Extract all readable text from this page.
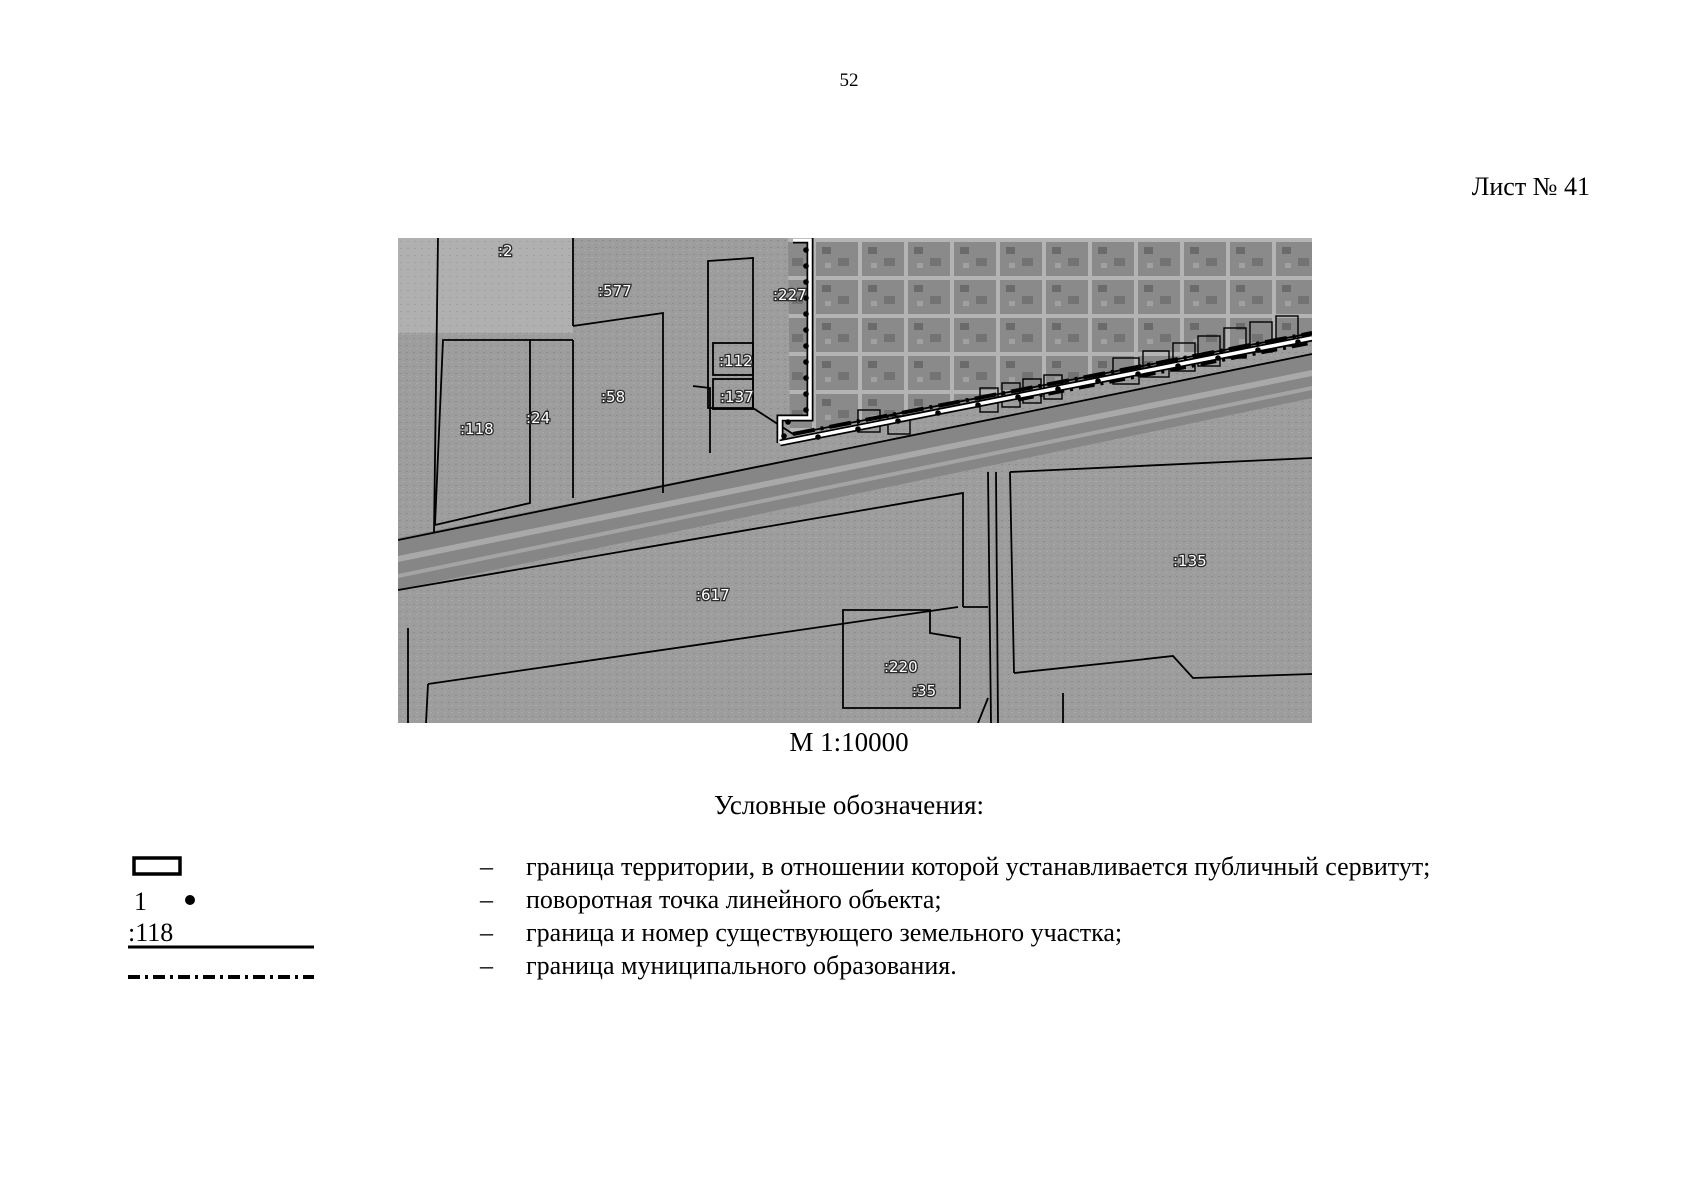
52
Лист № 41
:2
:577	:227
:112
:137
:58
:118
:24
:135
:617
:220
:35
М 1:10000
Условные обозначения:
– граница территории, в отношении которой устанавливается публичный сервитут;
1	– поворотная точка линейного объекта;
:118	– граница и номер существующего земельного участка;
– граница муниципального образования.
